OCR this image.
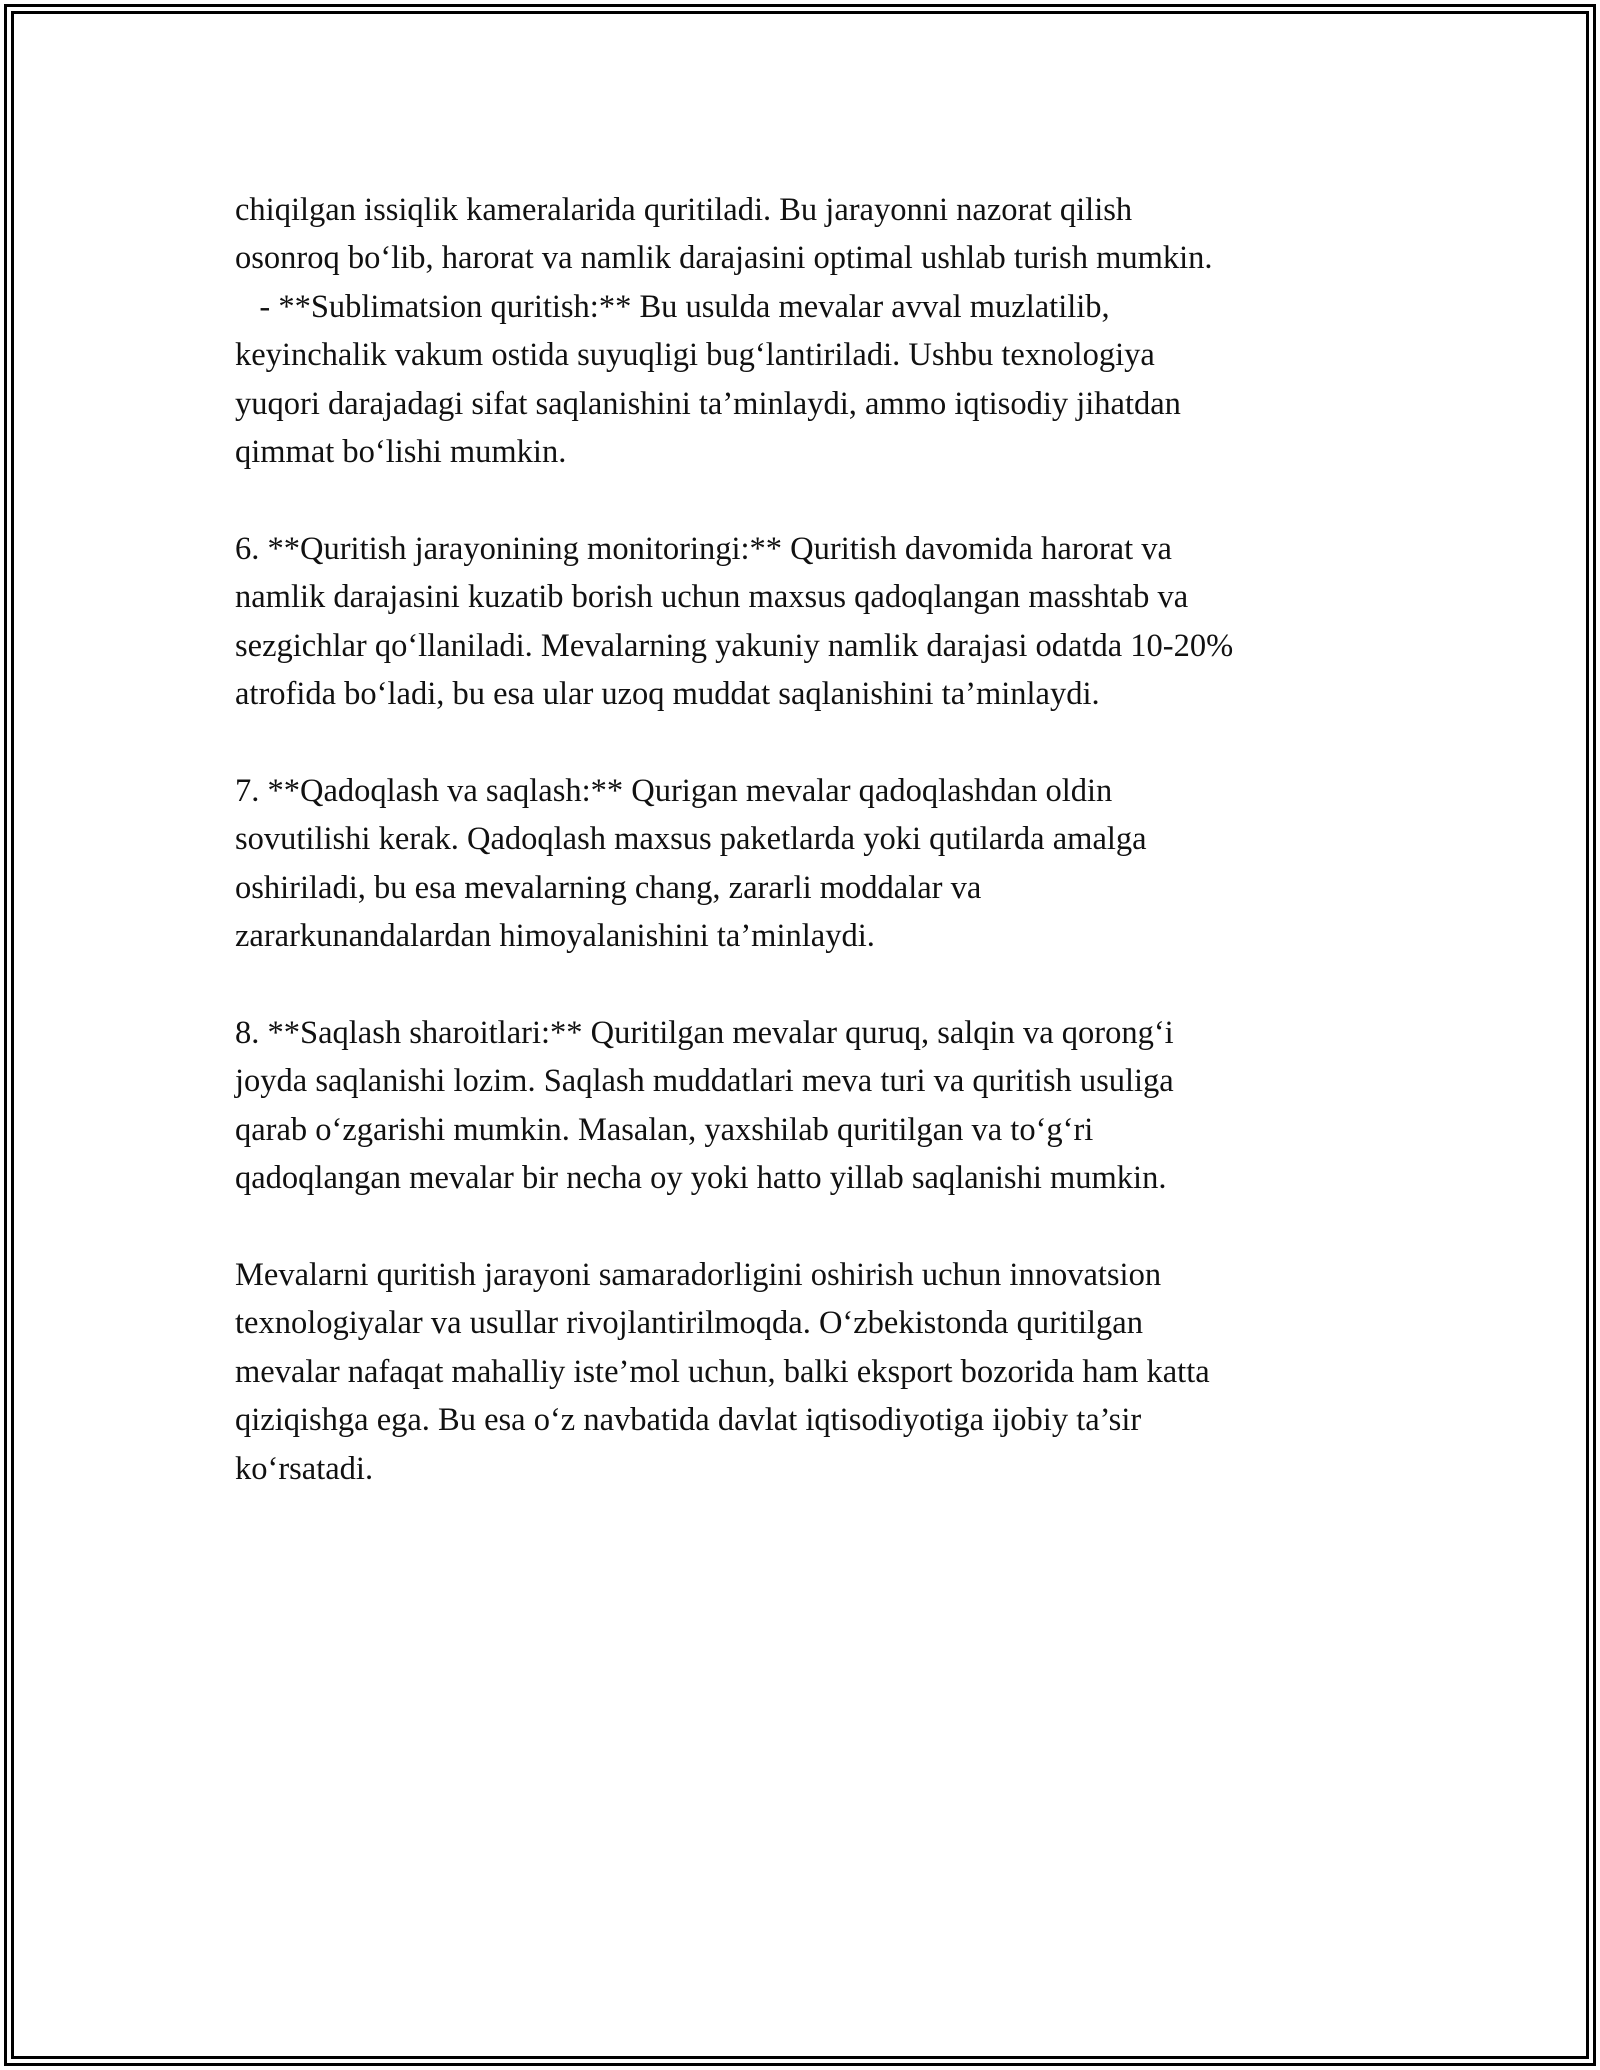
chiqilgan issiqlik kameralarida quritiladi. Bu jarayonni nazorat qilish
osonroq bo‘lib, harorat va namlik darajasini optimal ushlab turish mumkin.
- **Sublimatsion quritish:** Bu usulda mevalar avval muzlatilib,
keyinchalik vakum ostida suyuqligi bug‘lantiriladi. Ushbu texnologiya
yuqori darajadagi sifat saqlanishini ta’minlaydi, ammo iqtisodiy jihatdan
qimmat bo‘lishi mumkin.

6. **Quritish jarayonining monitoringi:** Quritish davomida harorat va
namlik darajasini kuzatib borish uchun maxsus qadoqlangan masshtab va
sezgichlar qo‘llaniladi. Mevalarning yakuniy namlik darajasi odatda 10-20%
atrofida bo‘ladi, bu esa ular uzoq muddat saqlanishini ta’minlaydi.

7. **Qadoqlash va saqlash:** Qurigan mevalar qadoqlashdan oldin
sovutilishi kerak. Qadoqlash maxsus paketlarda yoki qutilarda amalga
oshiriladi, bu esa mevalarning chang, zararli moddalar va
zararkunandalardan himoyalanishini ta’minlaydi.

8. **Saqlash sharoitlari:** Quritilgan mevalar quruq, salqin va qorong‘i
joyda saqlanishi lozim. Saqlash muddatlari meva turi va quritish usuliga
qarab o‘zgarishi mumkin. Masalan, yaxshilab quritilgan va to‘g‘ri
qadoqlangan mevalar bir necha oy yoki hatto yillab saqlanishi mumkin.

Mevalarni quritish jarayoni samaradorligini oshirish uchun innovatsion
texnologiyalar va usullar rivojlantirilmoqda. O‘zbekistonda quritilgan
mevalar nafaqat mahalliy iste’mol uchun, balki eksport bozorida ham katta
qiziqishga ega. Bu esa o‘z navbatida davlat iqtisodiyotiga ijobiy ta’sir
ko‘rsatadi.
